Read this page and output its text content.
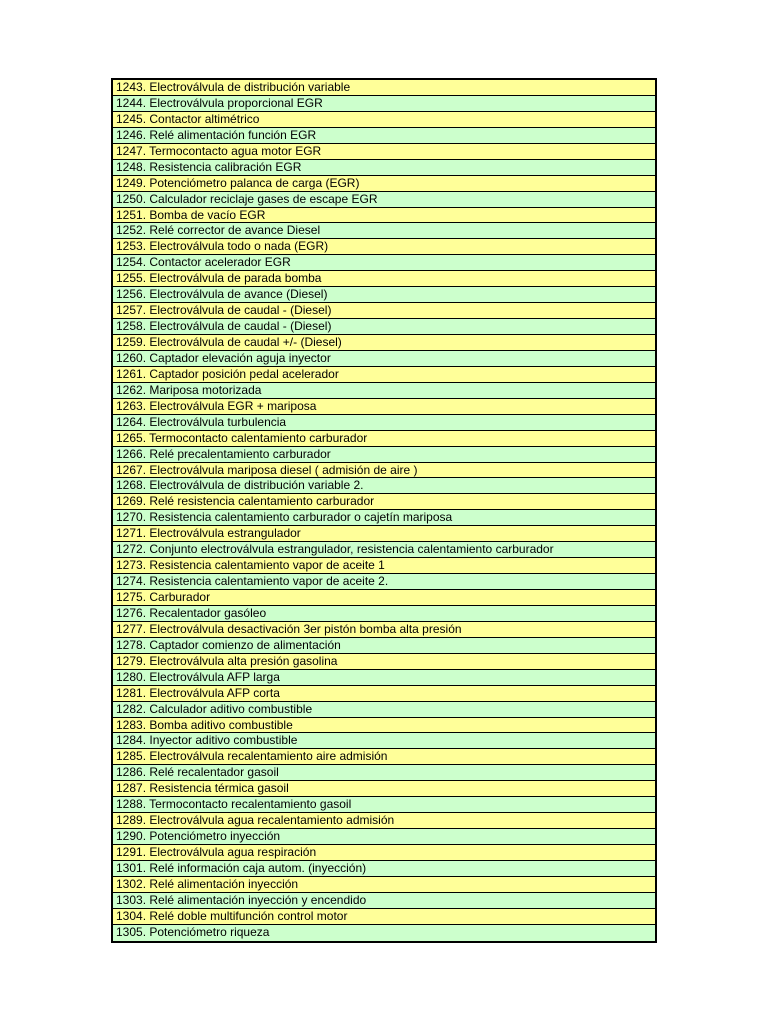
1243. Electroválvula de distribución variable
1244. Electroválvula proporcional EGR
1245. Contactor altimétrico
1246. Relé alimentación función EGR
1247. Termocontacto agua motor EGR
1248. Resistencia calibración EGR
1249. Potenciómetro palanca de carga (EGR)
1250. Calculador reciclaje gases de escape EGR
1251. Bomba de vacío EGR
1252. Relé corrector de avance Diesel
1253. Electroválvula todo o nada (EGR)
1254. Contactor acelerador EGR
1255. Electroválvula de parada bomba
1256. Electroválvula de avance (Diesel)
1257. Electroválvula de caudal - (Diesel)
1258. Electroválvula de caudal - (Diesel)
1259. Electroválvula de caudal +/- (Diesel)
1260. Captador elevación aguja inyector
1261. Captador posición pedal acelerador
1262. Mariposa motorizada
1263. Electroválvula EGR + mariposa
1264. Electroválvula turbulencia
1265. Termocontacto calentamiento carburador
1266. Relé precalentamiento carburador
1267. Electroválvula mariposa diesel ( admisión de aire )
1268. Electroválvula de distribución variable 2.
1269. Relé resistencia calentamiento carburador
1270. Resistencia calentamiento carburador o cajetín mariposa
1271. Electroválvula estrangulador
1272. Conjunto electroválvula estrangulador, resistencia calentamiento carburador
1273. Resistencia calentamiento vapor de aceite 1
1274. Resistencia calentamiento vapor de aceite 2.
1275. Carburador
1276. Recalentador gasóleo
1277. Electroválvula desactivación 3er pistón bomba alta presión
1278. Captador comienzo de alimentación
1279. Electroválvula alta presión gasolina
1280. Electroválvula AFP larga
1281. Electroválvula AFP corta
1282. Calculador aditivo combustible
1283. Bomba aditivo combustible
1284. Inyector aditivo combustible
1285. Electroválvula recalentamiento aire admisión
1286. Relé recalentador gasoil
1287. Resistencia térmica gasoil
1288. Termocontacto recalentamiento gasoil
1289. Electroválvula agua recalentamiento admisión
1290. Potenciómetro inyección
1291. Electroválvula agua respiración
1301. Relé información caja autom. (inyección)
1302. Relé alimentación inyección
1303. Relé alimentación inyección y encendido
1304. Relé doble multifunción control motor
1305. Potenciómetro riqueza
